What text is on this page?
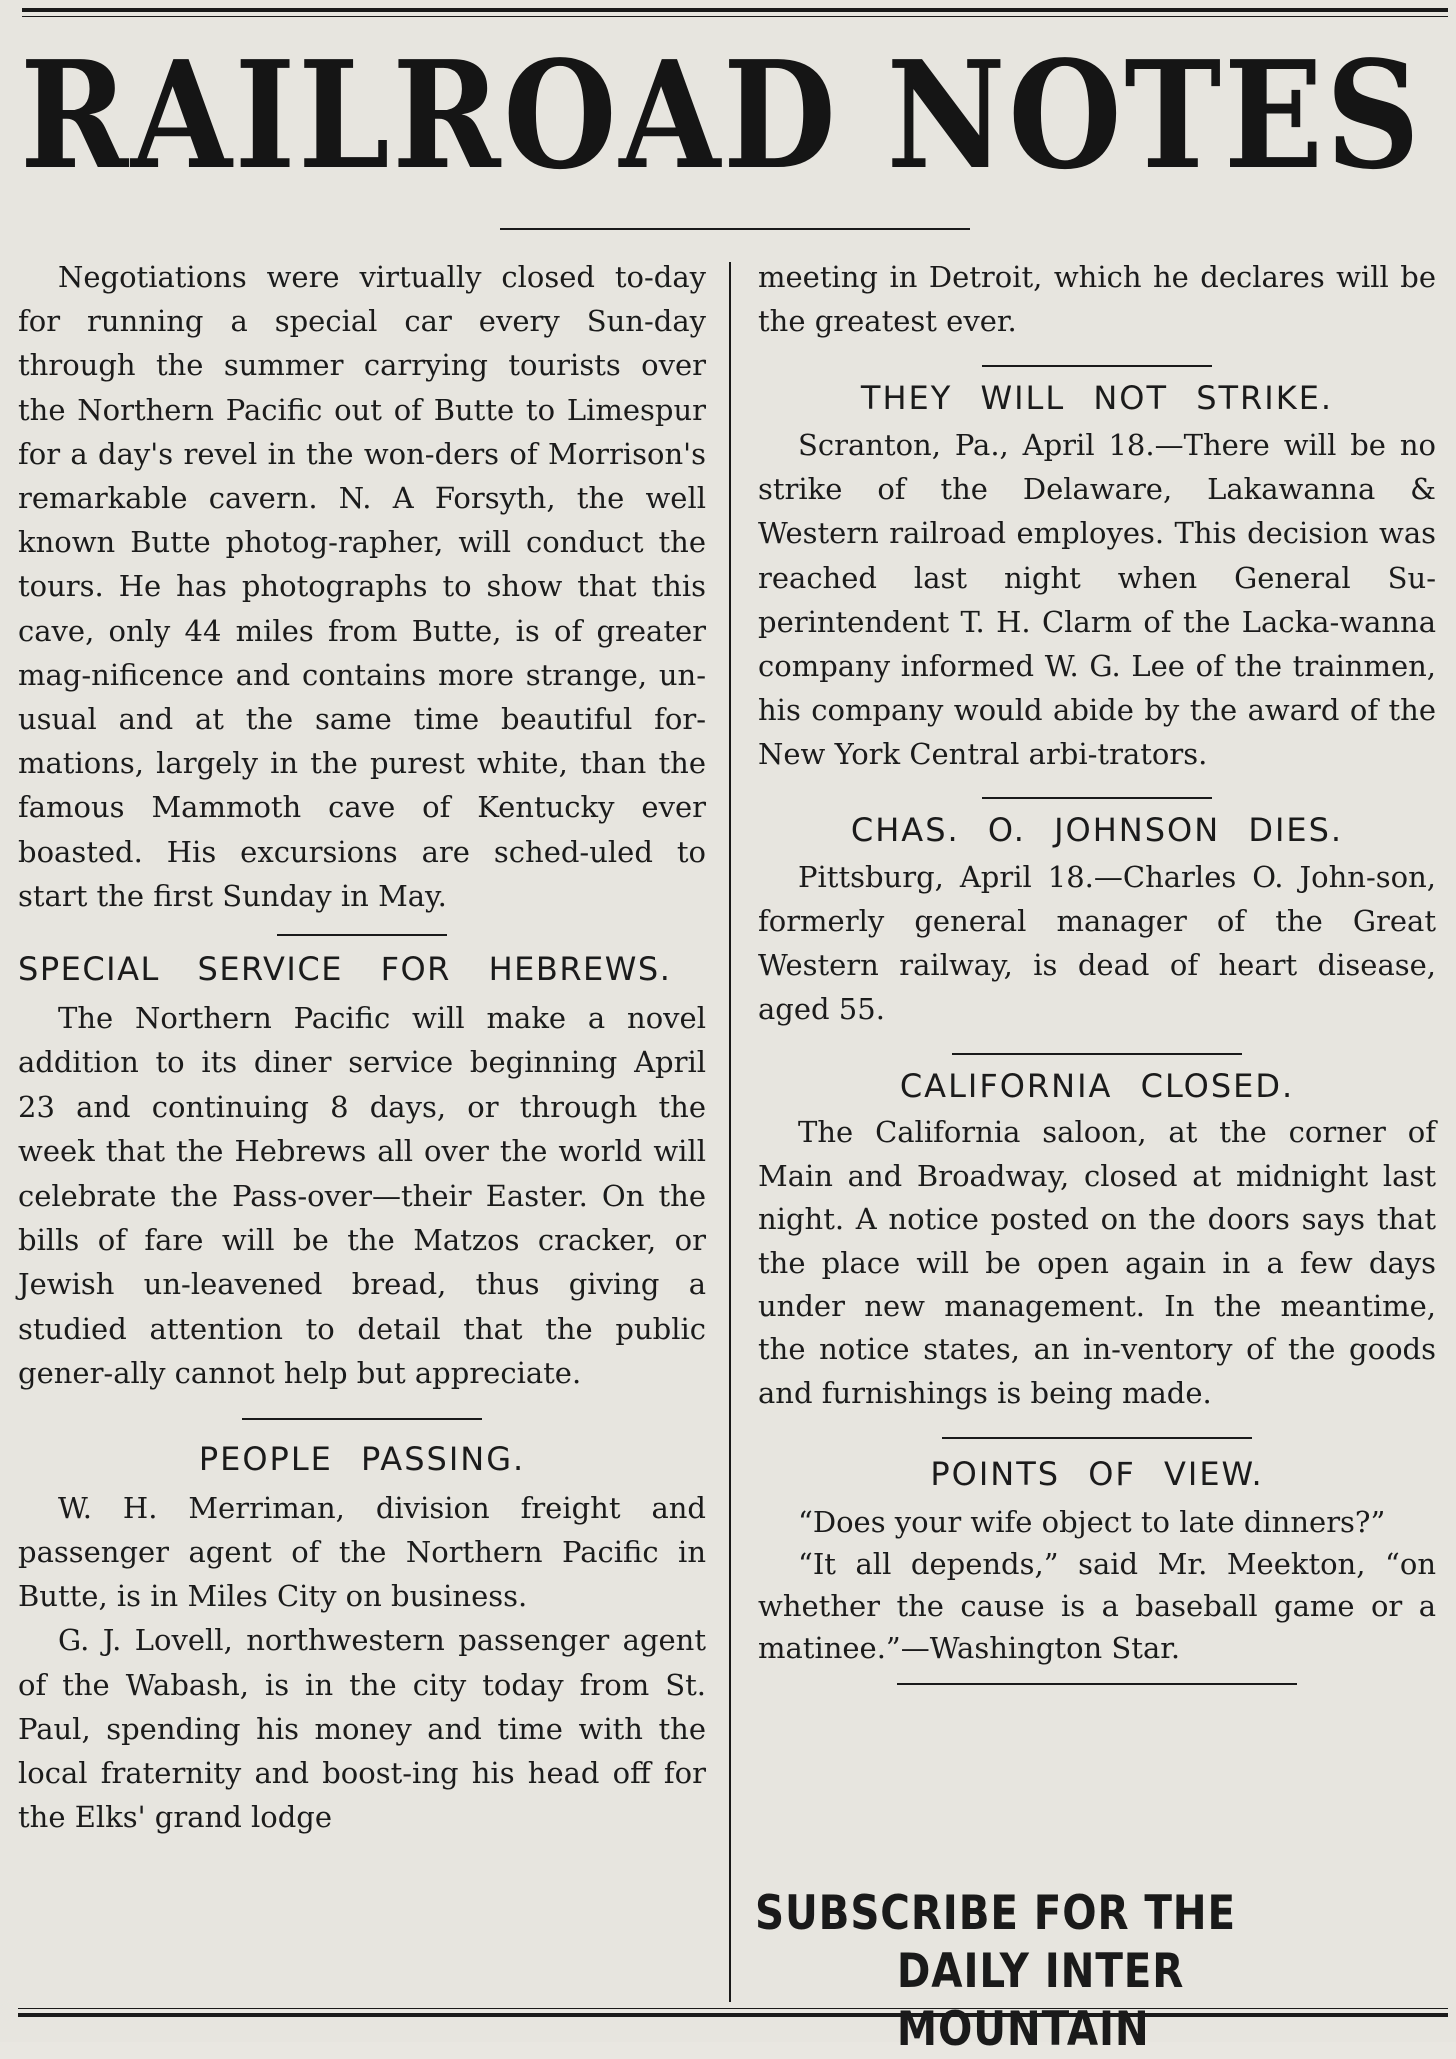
RAILROAD NOTES

Negotiations were virtually closed to-day for running a special car every Sun-day through the summer carrying tourists over the Northern Pacific out of Butte to Limespur for a day's revel in the won-ders of Morrison's remarkable cavern. N. A Forsyth, the well known Butte photog-rapher, will conduct the tours. He has photographs to show that this cave, only 44 miles from Butte, is of greater mag-nificence and contains more strange, un-usual and at the same time beautiful for-mations, largely in the purest white, than the famous Mammoth cave of Kentucky ever boasted. His excursions are sched-uled to start the first Sunday in May.

SPECIAL SERVICE FOR HEBREWS.

The Northern Pacific will make a novel addition to its diner service beginning April 23 and continuing 8 days, or through the week that the Hebrews all over the world will celebrate the Pass-over—their Easter. On the bills of fare will be the Matzos cracker, or Jewish un-leavened bread, thus giving a studied attention to detail that the public gener-ally cannot help but appreciate.

PEOPLE PASSING.

W. H. Merriman, division freight and passenger agent of the Northern Pacific in Butte, is in Miles City on business.

G. J. Lovell, northwestern passenger agent of the Wabash, is in the city today from St. Paul, spending his money and time with the local fraternity and boost-ing his head off for the Elks' grand lodge

meeting in Detroit, which he declares will be the greatest ever.

THEY WILL NOT STRIKE.

Scranton, Pa., April 18.—There will be no strike of the Delaware, Lakawanna & Western railroad employes. This decision was reached last night when General Su-perintendent T. H. Clarm of the Lacka-wanna company informed W. G. Lee of the trainmen, his company would abide by the award of the New York Central arbi-trators.

CHAS. O. JOHNSON DIES.

Pittsburg, April 18.—Charles O. John-son, formerly general manager of the Great Western railway, is dead of heart disease, aged 55.

CALIFORNIA CLOSED.

The California saloon, at the corner of Main and Broadway, closed at midnight last night. A notice posted on the doors says that the place will be open again in a few days under new management. In the meantime, the notice states, an in-ventory of the goods and furnishings is being made.

POINTS OF VIEW.

“Does your wife object to late dinners?”

“It all depends,” said Mr. Meekton, “on whether the cause is a baseball game or a matinee.”—Washington Star.

SUBSCRIBE FOR THE
DAILY INTER MOUNTAIN
